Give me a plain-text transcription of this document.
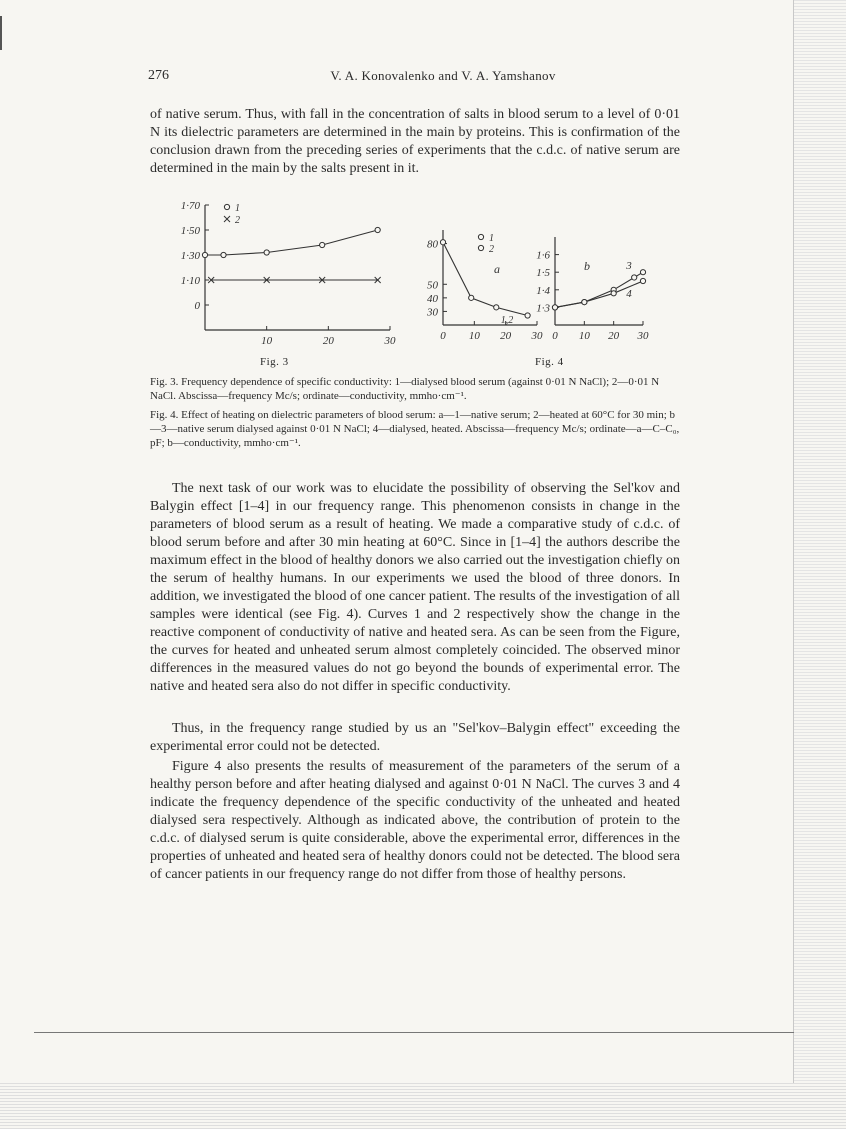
276	V. A. Konovalenko and V. A. Yamshanov

of native serum. Thus, with fall in the concentration of salts in blood serum to a level of 0·01 N its dielectric parameters are determined in the main by proteins. This is confirmation of the conclusion drawn from the preceding series of experiments that the c.d.c. of native serum are determined in the main by the salts present in it.

10	20	30
1·70
1·50
1·30
1·10
0
1
2
0 10 20 30
80
50
40
30
1
2
a
1,2
0 10 20 30
1·6
1·5
1·4
1·3
b	3
4
Fig. 3	Fig. 4

Fig. 3. Frequency dependence of specific conductivity: 1—dialysed blood serum (against 0·01 N NaCl); 2—0·01 N NaCl. Abscissa—frequency Mc/s; ordinate—conductivity, mmho·cm⁻¹.

Fig. 4. Effect of heating on dielectric parameters of blood serum: a—1—native serum; 2—heated at 60°C for 30 min; b—3—native serum dialysed against 0·01 N NaCl; 4—dialysed, heated. Abscissa—frequency Mc/s; ordinate—a—C–C₀, pF; b—conductivity, mmho·cm⁻¹.

The next task of our work was to elucidate the possibility of observing the Sel'kov and Balygin effect [1–4] in our frequency range. This phenomenon consists in change in the parameters of blood serum as a result of heating. We made a comparative study of c.d.c. of blood serum before and after 30 min heating at 60°C. Since in [1–4] the authors describe the maximum effect in the blood of healthy donors we also carried out the investigation chiefly on the serum of healthy humans. In our experiments we used the blood of three donors. In addition, we investigated the blood of one cancer patient. The results of the investigation of all samples were identical (see Fig. 4). Curves 1 and 2 respectively show the change in the reactive component of conductivity of native and heated sera. As can be seen from the Figure, the curves for heated and unheated serum almost completely coincided. The observed minor differences in the measured values do not go beyond the bounds of experimental error. The native and heated sera also do not differ in specific conductivity.

Thus, in the frequency range studied by us an "Sel'kov–Balygin effect" exceeding the experimental error could not be detected.

Figure 4 also presents the results of measurement of the parameters of the serum of a healthy person before and after heating dialysed and against 0·01 N NaCl. The curves 3 and 4 indicate the frequency dependence of the specific conductivity of the unheated and heated dialysed sera respectively. Although as indicated above, the contribution of protein to the c.d.c. of dialysed serum is quite considerable, above the experimental error, differences in the properties of unheated and heated sera of healthy donors could not be detected. The blood sera of cancer patients in our frequency range do not differ from those of healthy persons.
